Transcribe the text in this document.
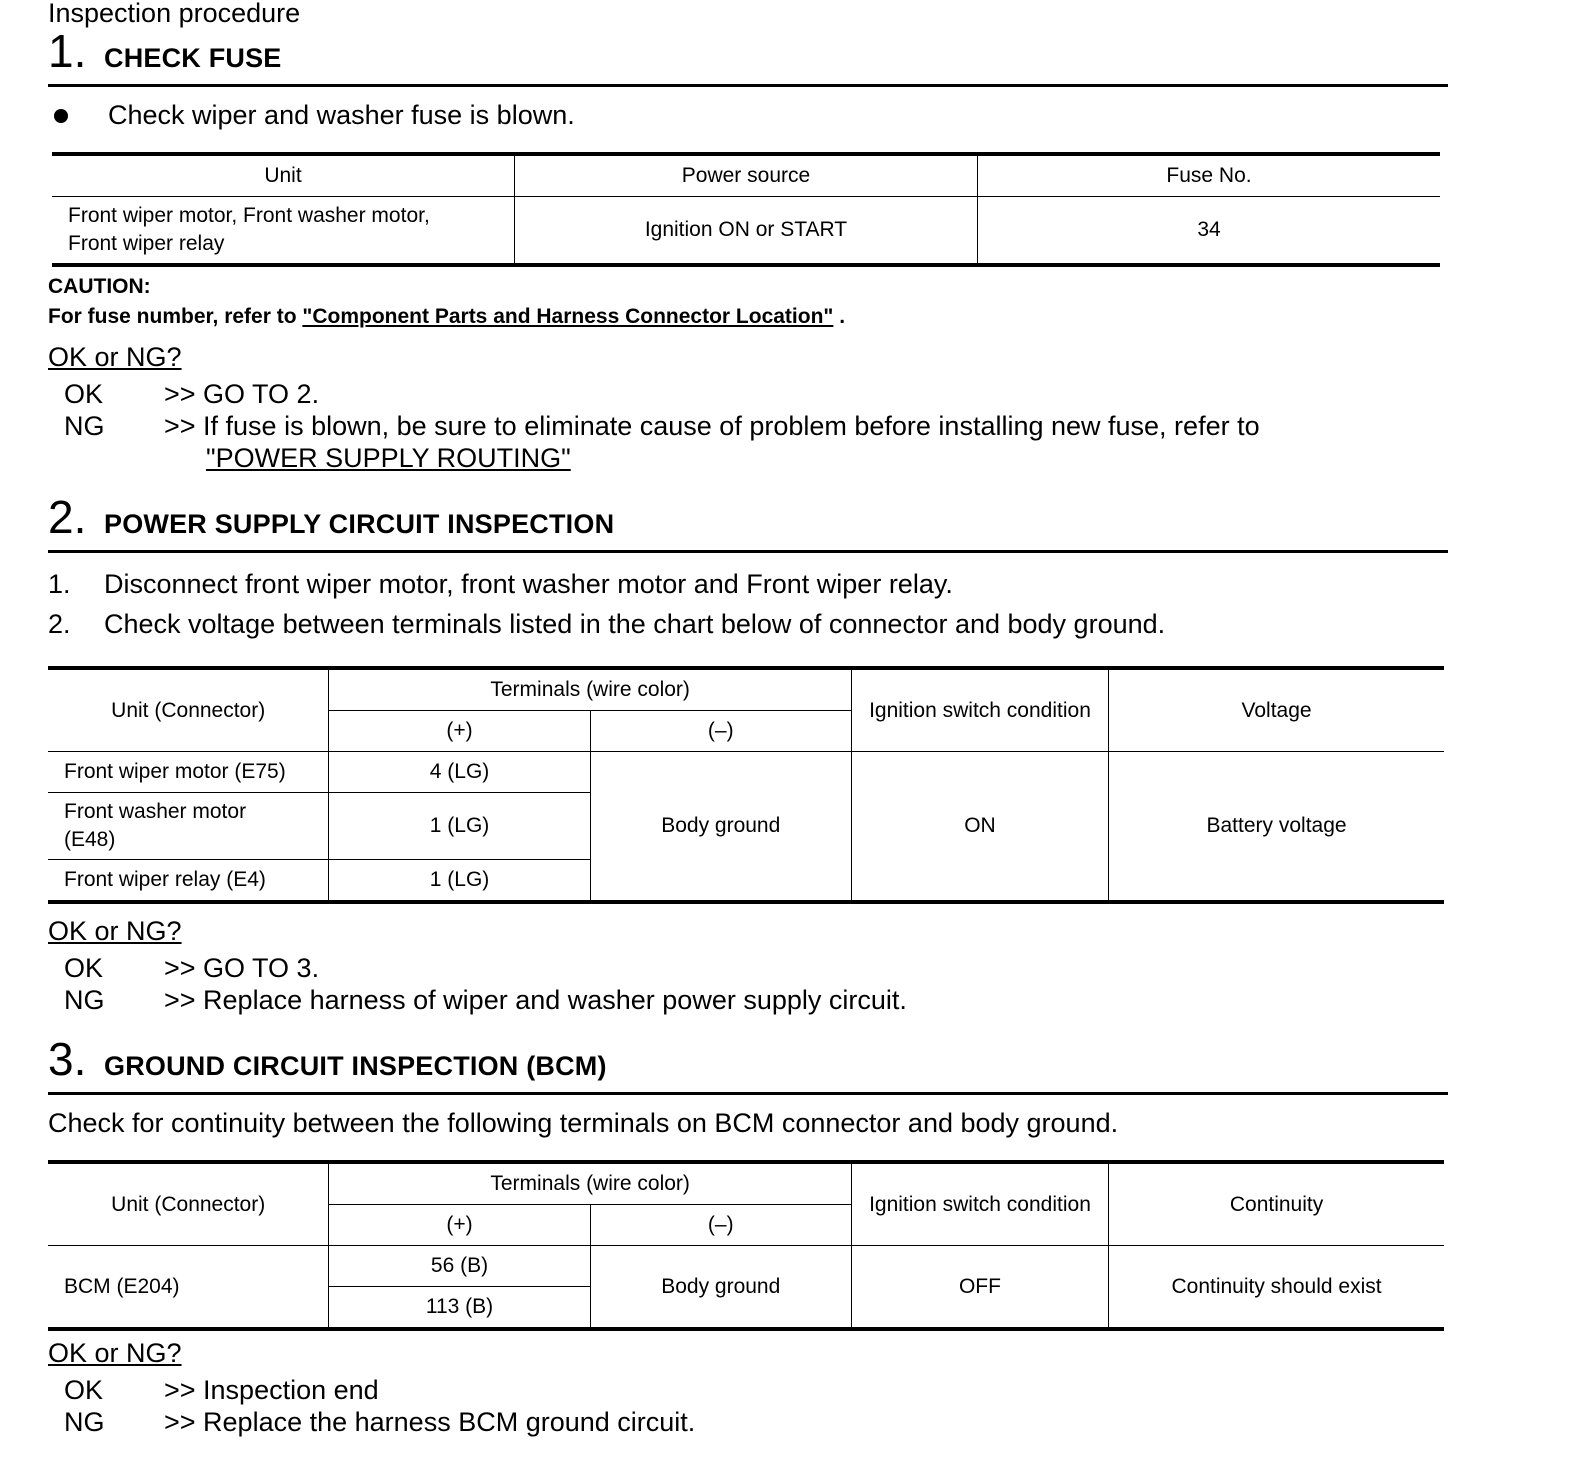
Inspection procedure
1. CHECK FUSE
Check wiper and washer fuse is blown.
Unit	Power source	Fuse No.

Front wiper motor, Front washer motor,
Front wiper relay	Ignition ON or START	34
CAUTION:
For fuse number, refer to "Component Parts and Harness Connector Location" .
OK or NG?
OK	>> GO TO 2.
NG	>> If fuse is blown, be sure to eliminate cause of problem before installing new fuse, refer to
"POWER SUPPLY ROUTING"
2. POWER SUPPLY CIRCUIT INSPECTION
1.	Disconnect front wiper motor, front washer motor and Front wiper relay.
2.	Check voltage between terminals listed in the chart below of connector and body ground.
Unit (Connector)	Terminals (wire color)		Ignition switch condition	Voltage
	(+)	(–)		
Front wiper motor (E75)	4 (LG)	Body ground	ON	Battery voltage

Front washer motor
(E48)	1 (LG)			
Front wiper relay (E4)	1 (LG)			
OK or NG?
OK	>> GO TO 3.
NG	>> Replace harness of wiper and washer power supply circuit.
3. GROUND CIRCUIT INSPECTION (BCM)
Check for continuity between the following terminals on BCM connector and body ground.
Unit (Connector)	Terminals (wire color)		Ignition switch condition	Continuity
	(+)	(–)		
BCM (E204)	56 (B)	Body ground	OFF	Continuity should exist
	113 (B)			
OK or NG?
OK	>> Inspection end
NG	>> Replace the harness BCM ground circuit.
